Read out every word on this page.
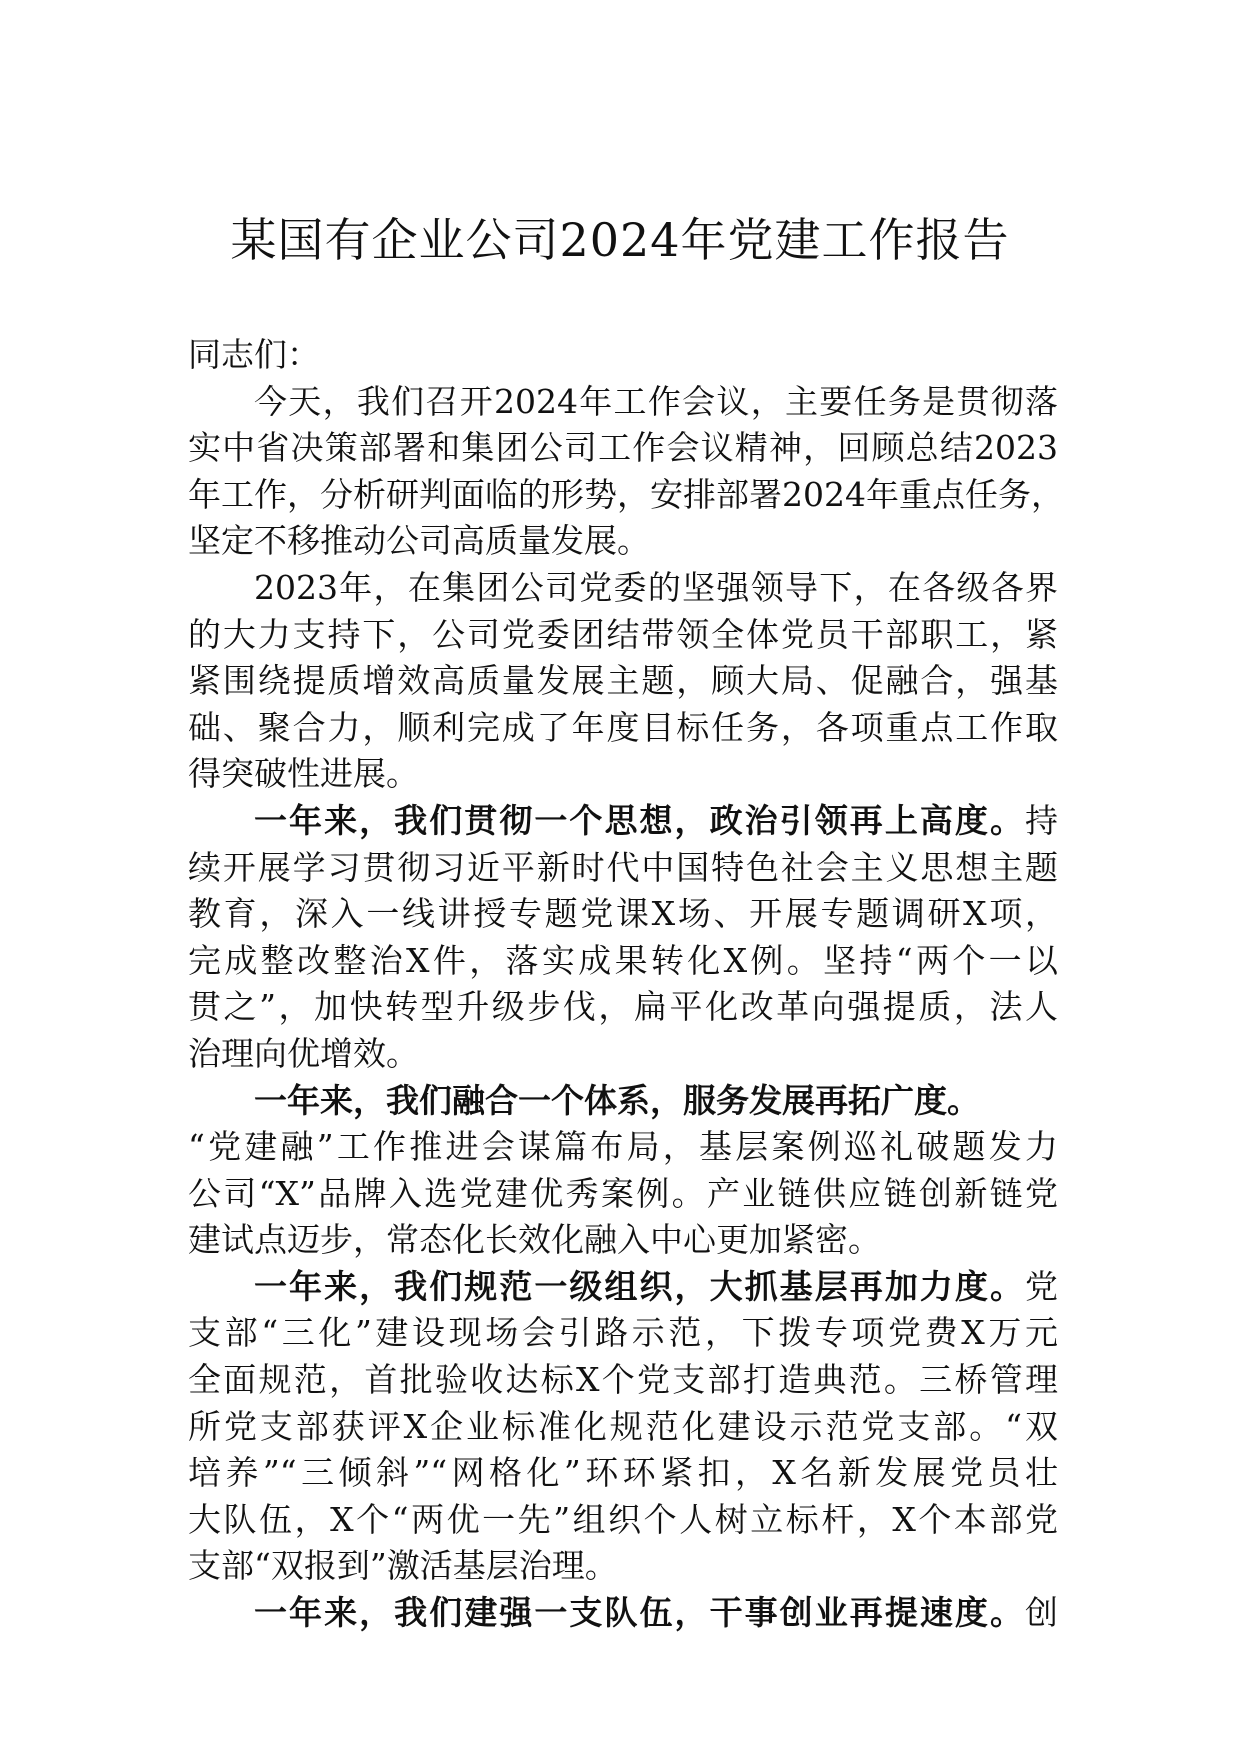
某国有企业公司2024年党建工作报告
同志们：
今天，我们召开2024年工作会议，主要任务是贯彻落
实中省决策部署和集团公司工作会议精神，回顾总结2023
年工作，分析研判面临的形势，安排部署2024年重点任务，
坚定不移推动公司高质量发展。
2023年，在集团公司党委的坚强领导下，在各级各界
的大力支持下，公司党委团结带领全体党员干部职工，紧
紧围绕提质增效高质量发展主题，顾大局、促融合，强基
础、聚合力，顺利完成了年度目标任务，各项重点工作取
得突破性进展。
一年来，我们贯彻一个思想，政治引领再上高度。持
续开展学习贯彻习近平新时代中国特色社会主义思想主题
教育，深入一线讲授专题党课X场、开展专题调研X项，
完成整改整治X件，落实成果转化X例。坚持“两个一以
贯之”，加快转型升级步伐，扁平化改革向强提质，法人
治理向优增效。
一年来，我们融合一个体系，服务发展再拓广度。
“党建融”工作推进会谋篇布局，基层案例巡礼破题发力
公司“X”品牌入选党建优秀案例。产业链供应链创新链党
建试点迈步，常态化长效化融入中心更加紧密。
一年来，我们规范一级组织，大抓基层再加力度。党
支部“三化”建设现场会引路示范，下拨专项党费X万元
全面规范，首批验收达标X个党支部打造典范。三桥管理
所党支部获评X企业标准化规范化建设示范党支部。“双
培养”“三倾斜”“网格化”环环紧扣，X名新发展党员壮
大队伍，X个“两优一先”组织个人树立标杆，X个本部党
支部“双报到”激活基层治理。
一年来，我们建强一支队伍，干事创业再提速度。创
